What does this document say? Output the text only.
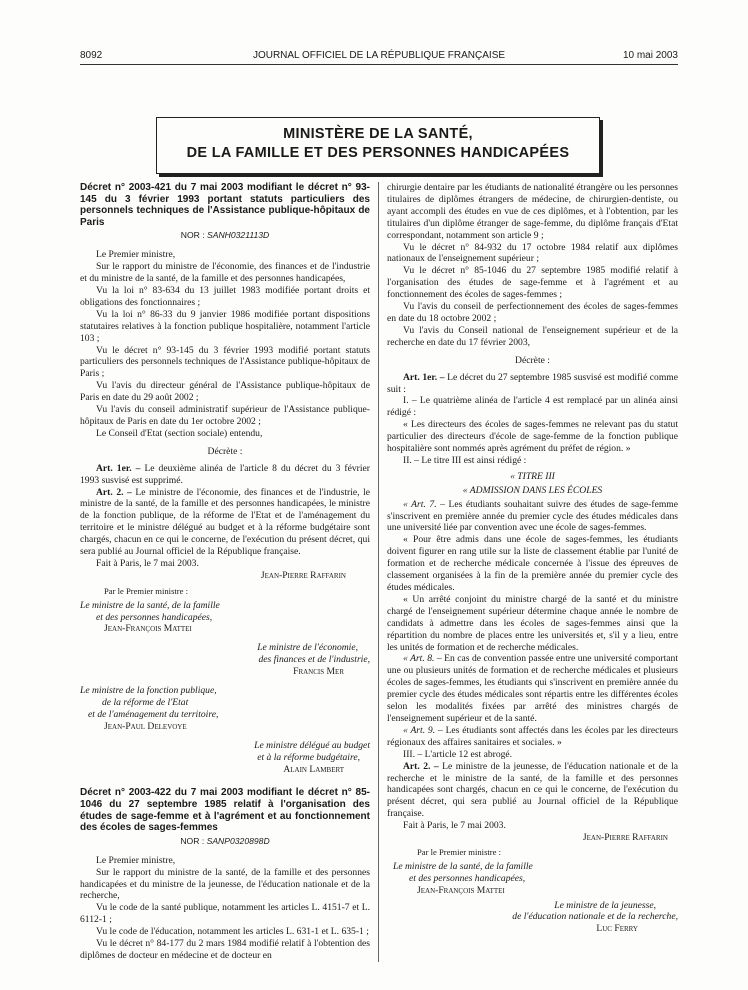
8092	JOURNAL OFFICIEL DE LA RÉPUBLIQUE FRANÇAISE	10 mai 2003
MINISTÈRE DE LA SANTÉ,
DE LA FAMILLE ET DES PERSONNES HANDICAPÉES

Décret n° 2003-421 du 7 mai 2003 modifiant le décret n° 93-145 du 3 février 1993 portant statuts particuliers des personnels techniques de l'Assistance publique-hôpitaux de Paris

NOR : SANH0321113D

Le Premier ministre,

Sur le rapport du ministre de l'économie, des finances et de l'industrie et du ministre de la santé, de la famille et des personnes handicapées,

Vu la loi n° 83-634 du 13 juillet 1983 modifiée portant droits et obligations des fonctionnaires ;

Vu la loi n° 86-33 du 9 janvier 1986 modifiée portant dispositions statutaires relatives à la fonction publique hospitalière, notamment l'article 103 ;

Vu le décret n° 93-145 du 3 février 1993 modifié portant statuts particuliers des personnels techniques de l'Assistance publique-hôpitaux de Paris ;

Vu l'avis du directeur général de l'Assistance publique-hôpitaux de Paris en date du 29 août 2002 ;

Vu l'avis du conseil administratif supérieur de l'Assistance publique-hôpitaux de Paris en date du 1er octobre 2002 ;

Le Conseil d'Etat (section sociale) entendu,

Décrète :

Art. 1er. – Le deuxième alinéa de l'article 8 du décret du 3 février 1993 susvisé est supprimé.

Art. 2. – Le ministre de l'économie, des finances et de l'industrie, le ministre de la santé, de la famille et des personnes handicapées, le ministre de la fonction publique, de la réforme de l'Etat et de l'aménagement du territoire et le ministre délégué au budget et à la réforme budgétaire sont chargés, chacun en ce qui le concerne, de l'exécution du présent décret, qui sera publié au Journal officiel de la République française.

Fait à Paris, le 7 mai 2003.

Jean-Pierre Raffarin

Par le Premier ministre :

Le ministre de la santé, de la famille

et des personnes handicapées,

Jean-François Mattei

Le ministre de l'économie,

des finances et de l'industrie,

Francis Mer

Le ministre de la fonction publique,

de la réforme de l'Etat

et de l'aménagement du territoire,

Jean-Paul Delevoye

Le ministre délégué au budget

et à la réforme budgétaire,

Alain Lambert

Décret n° 2003-422 du 7 mai 2003 modifiant le décret n° 85-1046 du 27 septembre 1985 relatif à l'organisation des études de sage-femme et à l'agrément et au fonctionnement des écoles de sages-femmes

NOR : SANP0320898D

Le Premier ministre,

Sur le rapport du ministre de la santé, de la famille et des personnes handicapées et du ministre de la jeunesse, de l'éducation nationale et de la recherche,

Vu le code de la santé publique, notamment les articles L. 4151-7 et L. 6112-1 ;

Vu le code de l'éducation, notamment les articles L. 631-1 et L. 635-1 ;

Vu le décret n° 84-177 du 2 mars 1984 modifié relatif à l'obtention des diplômes de docteur en médecine et de docteur en

chirurgie dentaire par les étudiants de nationalité étrangère ou les personnes titulaires de diplômes étrangers de médecine, de chirurgien-dentiste, ou ayant accompli des études en vue de ces diplômes, et à l'obtention, par les titulaires d'un diplôme étranger de sage-femme, du diplôme français d'Etat correspondant, notamment son article 9 ;

Vu le décret n° 84-932 du 17 octobre 1984 relatif aux diplômes nationaux de l'enseignement supérieur ;

Vu le décret n° 85-1046 du 27 septembre 1985 modifié relatif à l'organisation des études de sage-femme et à l'agrément et au fonctionnement des écoles de sages-femmes ;

Vu l'avis du conseil de perfectionnement des écoles de sages-femmes en date du 18 octobre 2002 ;

Vu l'avis du Conseil national de l'enseignement supérieur et de la recherche en date du 17 février 2003,

Décrète :

Art. 1er. – Le décret du 27 septembre 1985 susvisé est modifié comme suit :

I. – Le quatrième alinéa de l'article 4 est remplacé par un alinéa ainsi rédigé :

« Les directeurs des écoles de sages-femmes ne relevant pas du statut particulier des directeurs d'école de sage-femme de la fonction publique hospitalière sont nommés après agrément du préfet de région. »

II. – Le titre III est ainsi rédigé :

« TITRE III

« ADMISSION DANS LES ÉCOLES

« Art. 7. – Les étudiants souhaitant suivre des études de sage-femme s'inscrivent en première année du premier cycle des études médicales dans une université liée par convention avec une école de sages-femmes.

« Pour être admis dans une école de sages-femmes, les étudiants doivent figurer en rang utile sur la liste de classement établie par l'unité de formation et de recherche médicale concernée à l'issue des épreuves de classement organisées à la fin de la première année du premier cycle des études médicales.

« Un arrêté conjoint du ministre chargé de la santé et du ministre chargé de l'enseignement supérieur détermine chaque année le nombre de candidats à admettre dans les écoles de sages-femmes ainsi que la répartition du nombre de places entre les universités et, s'il y a lieu, entre les unités de formation et de recherche médicales.

« Art. 8. – En cas de convention passée entre une université comportant une ou plusieurs unités de formation et de recherche médicales et plusieurs écoles de sages-femmes, les étudiants qui s'inscrivent en première année du premier cycle des études médicales sont répartis entre les différentes écoles selon les modalités fixées par arrêté des ministres chargés de l'enseignement supérieur et de la santé.

« Art. 9. – Les étudiants sont affectés dans les écoles par les directeurs régionaux des affaires sanitaires et sociales. »

III. – L'article 12 est abrogé.

Art. 2. – Le ministre de la jeunesse, de l'éducation nationale et de la recherche et le ministre de la santé, de la famille et des personnes handicapées sont chargés, chacun en ce qui le concerne, de l'exécution du présent décret, qui sera publié au Journal officiel de la République française.

Fait à Paris, le 7 mai 2003.

Jean-Pierre Raffarin

Par le Premier ministre :

Le ministre de la santé, de la famille

et des personnes handicapées,

Jean-François Mattei

Le ministre de la jeunesse,

de l'éducation nationale et de la recherche,

Luc Ferry
